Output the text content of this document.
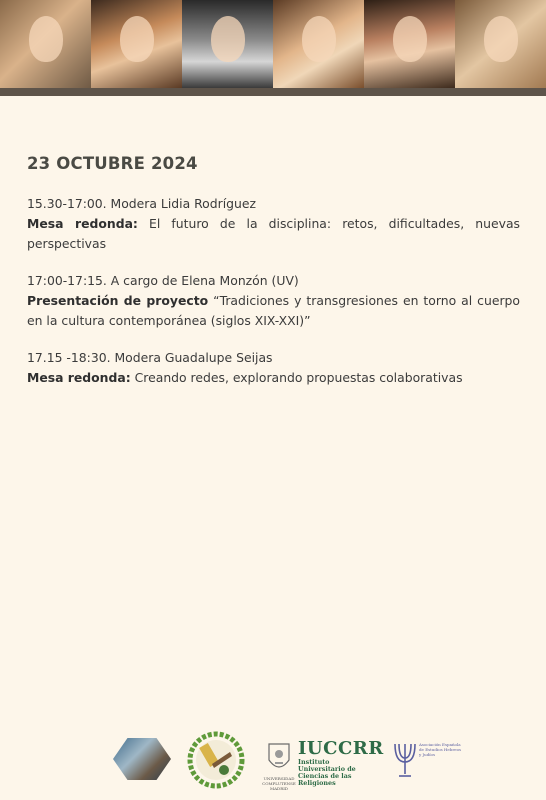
23 OCTUBRE 2024
15.30-17:00. Modera Lidia Rodríguez
Mesa redonda: El futuro de la disciplina: retos, dificultades, nuevas perspectivas
17:00-17:15. A cargo de Elena Monzón (UV)
Presentación de proyecto “Tradiciones y transgresiones en torno al cuerpo en la cultura contemporánea (siglos XIX-XXI)”
17.15 -18:30. Modera Guadalupe Seijas
Mesa redonda: Creando redes, explorando propuestas colaborativas
UNIVERSIDAD COMPLUTENSE MADRID
IUCCRR
Instituto Universitario de Ciencias de las Religiones
Asociación Española de Estudios Hebreos y Judíos
